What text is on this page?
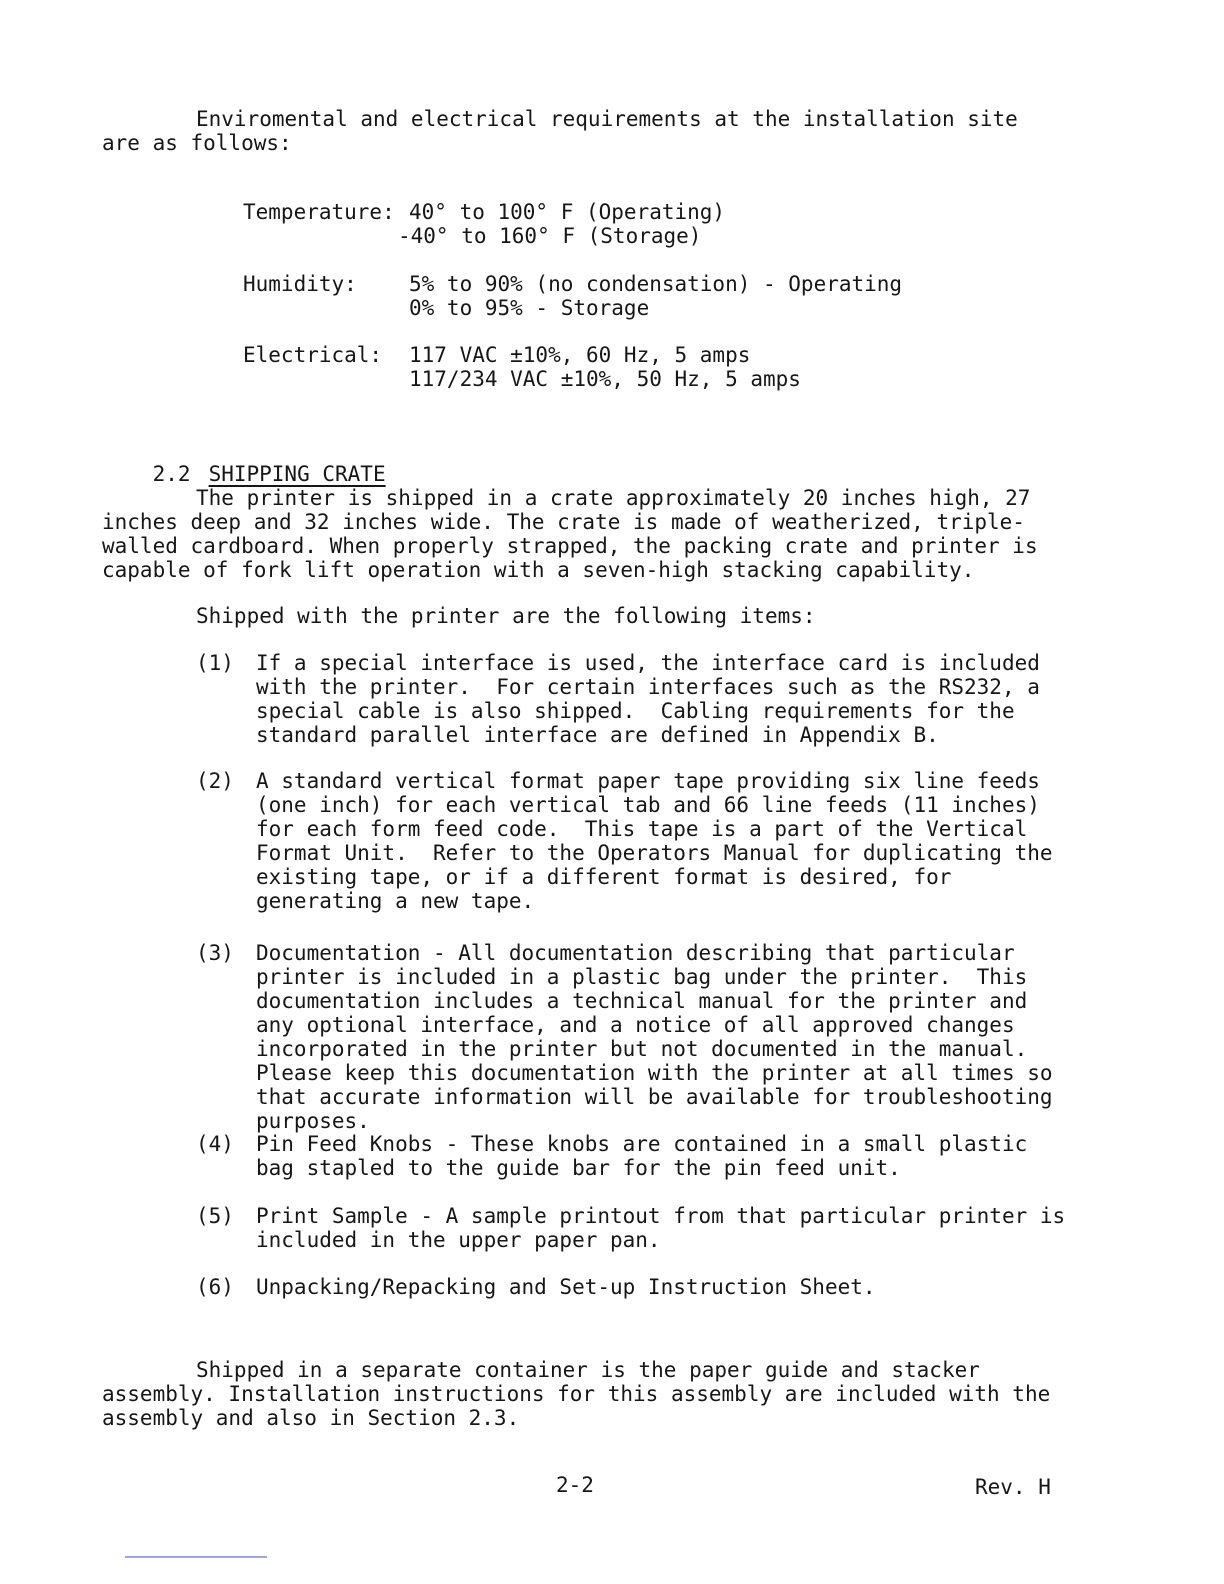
Enviromental and electrical requirements at the installation site are as follows:
Temperature: 40° to 100° F (Operating)
-40° to 160° F (Storage)
Humidity: 5% to 90% (no condensation) - Operating
0% to 95% - Storage
Electrical: 117 VAC ±10%, 60 Hz, 5 amps
117/234 VAC ±10%, 50 Hz, 5 amps

2.2 SHIPPING CRATE

The printer is shipped in a crate approximately 20 inches high, 27 inches deep and 32 inches wide. The crate is made of weatherized, triple-walled cardboard. When properly strapped, the packing crate and printer is capable of fork lift operation with a seven-high stacking capability.
Shipped with the printer are the following items:
(1) If a special interface is used, the interface card is included with the printer.  For certain interfaces such as the RS232, a special cable is also shipped.  Cabling requirements for the standard parallel interface are defined in Appendix B.
(2) A standard vertical format paper tape providing six line feeds (one inch) for each vertical tab and 66 line feeds (11 inches) for each form feed code.  This tape is a part of the Vertical Format Unit.  Refer to the Operators Manual for duplicating the existing tape, or if a different format is desired, for generating a new tape.
(3) Documentation - All documentation describing that particular printer is included in a plastic bag under the printer.  This documentation includes a technical manual for the printer and any optional interface, and a notice of all approved changes incorporated in the printer but not documented in the manual.  Please keep this documentation with the printer at all times so that accurate information will be available for troubleshooting purposes.
(4) Pin Feed Knobs - These knobs are contained in a small plastic bag stapled to the guide bar for the pin feed unit.
(5) Print Sample - A sample printout from that particular printer is included in the upper paper pan.
(6) Unpacking/Repacking and Set-up Instruction Sheet.
Shipped in a separate container is the paper guide and stacker assembly. Installation instructions for this assembly are included with the assembly and also in Section 2.3.
2-2	Rev. H
